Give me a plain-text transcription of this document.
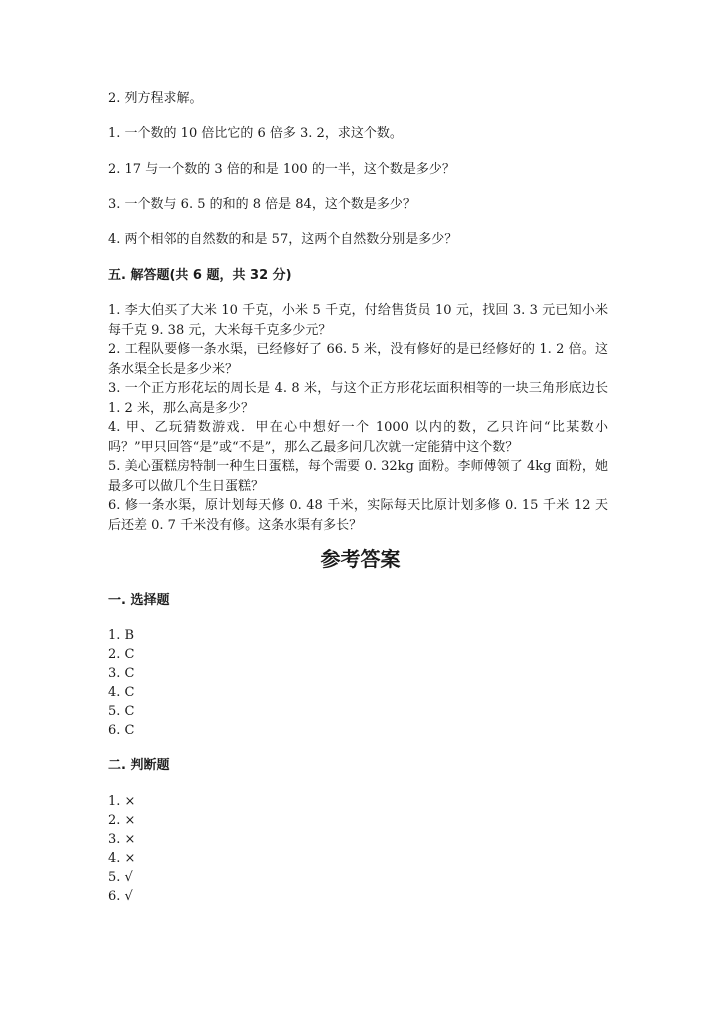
2. 列方程求解。
1. 一个数的 10 倍比它的 6 倍多 3. 2，求这个数。
2. 17 与一个数的 3 倍的和是 100 的一半，这个数是多少？
3. 一个数与 6. 5 的和的 8 倍是 84，这个数是多少？
4. 两个相邻的自然数的和是 57，这两个自然数分别是多少？
五. 解答题(共 6 题，共 32 分)
1. 李大伯买了大米 10 千克，小米 5 千克，付给售货员 10 元，找回 3. 3 元已知小米每千克 9. 38 元，大米每千克多少元？
2. 工程队要修一条水渠，已经修好了 66. 5 米，没有修好的是已经修好的 1. 2 倍。这条水渠全长是多少米？
3. 一个正方形花坛的周长是 4. 8 米，与这个正方形花坛面积相等的一块三角形底边长 1. 2 米，那么高是多少？
4. 甲、乙玩猜数游戏．甲在心中想好一个 1000 以内的数，乙只许问“比某数小吗？”甲只回答“是”或“不是”，那么乙最多问几次就一定能猜中这个数？
5. 美心蛋糕房特制一种生日蛋糕，每个需要 0. 32kg 面粉。李师傅领了 4kg 面粉，她最多可以做几个生日蛋糕？
6. 修一条水渠，原计划每天修 0. 48 千米，实际每天比原计划多修 0. 15 千米 12 天后还差 0. 7 千米没有修。这条水渠有多长？
参考答案
一. 选择题
1. B
2. C
3. C
4. C
5. C
6. C
二. 判断题
1. ×
2. ×
3. ×
4. ×
5. √
6. √
